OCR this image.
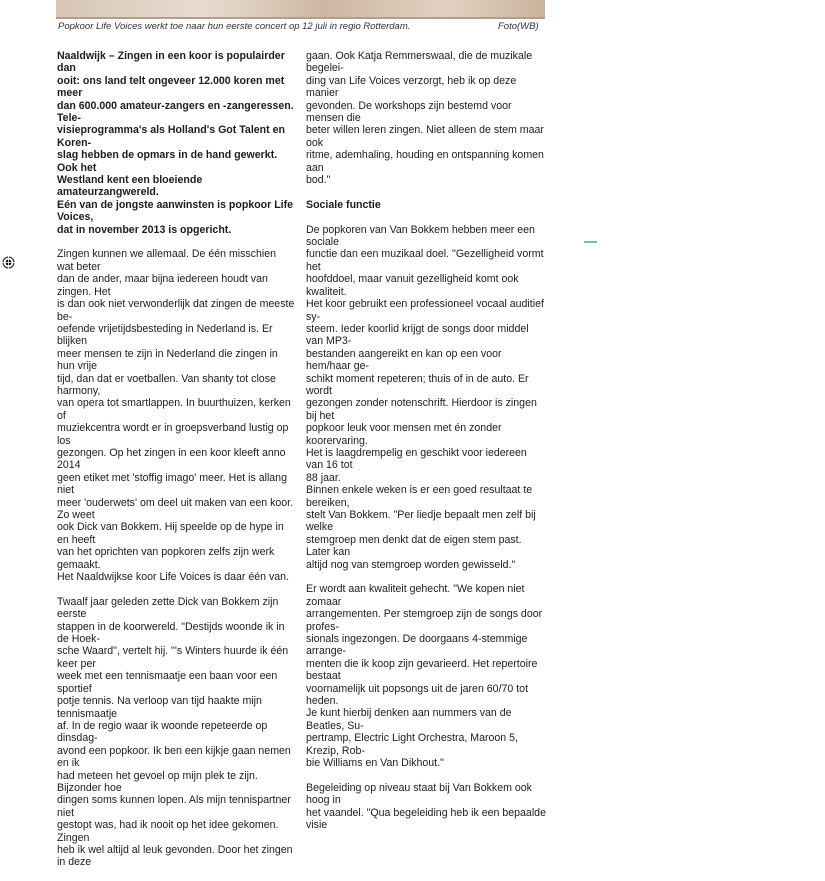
Popkoor Life Voices werkt toe naar hun eerste concert op 12 juli in regio Rotterdam.	Foto(WB)

Naaldwijk – Zingen in een koor is populairder dan
ooit: ons land telt ongeveer 12.000 koren met meer
dan 600.000 amateur-zangers en -zangeressen. Tele-
visieprogramma's als Holland's Got Talent en Koren-
slag hebben de opmars in de hand gewerkt. Ook het
Westland kent een bloeiende amateurzangwereld.
Eén van de jongste aanwinsten is popkoor Life Voices,
dat in november 2013 is opgericht.

Zingen kunnen we allemaal. De één misschien wat beter
dan de ander, maar bijna iedereen houdt van zingen. Het
is dan ook niet verwonderlijk dat zingen de meeste be-
oefende vrijetijdsbesteding in Nederland is. Er blijken
meer mensen te zijn in Nederland die zingen in hun vrije
tijd, dan dat er voetballen. Van shanty tot close harmony,
van opera tot smartlappen. In buurthuizen, kerken of
muziekcentra wordt er in groepsverband lustig op los
gezongen. Op het zingen in een koor kleeft anno 2014
geen etiket met 'stoffig imago' meer. Het is allang niet
meer 'ouderwets' om deel uit maken van een koor. Zo weet
ook Dick van Bokkem. Hij speelde op de hype in en heeft
van het oprichten van popkoren zelfs zijn werk gemaakt.
Het Naaldwijkse koor Life Voices is daar één van.

Twaalf jaar geleden zette Dick van Bokkem zijn eerste
stappen in de koorwereld. "Destijds woonde ik in de Hoek-
sche Waard", vertelt hij. "'s Winters huurde ik één keer per
week met een tennismaatje een baan voor een sportief
potje tennis. Na verloop van tijd haakte mijn tennismaatje
af. In de regio waar ik woonde repeteerde op dinsdag-
avond een popkoor. Ik ben een kijkje gaan nemen en ik
had meteen het gevoel op mijn plek te zijn. Bijzonder hoe
dingen soms kunnen lopen. Als mijn tennispartner niet
gestopt was, had ik nooit op het idee gekomen. Zingen
heb ik wel altijd al leuk gevonden. Door het zingen in deze

gaan. Ook Katja Remmerswaal, die de muzikale begelei-
ding van Life Voices verzorgt, heb ik op deze manier
gevonden. De workshops zijn bestemd voor mensen die
beter willen leren zingen. Niet alleen de stem maar ook
ritme, ademhaling, houding en ontspanning komen aan
bod."

Sociale functie

De popkoren van Van Bokkem hebben meer een sociale
functie dan een muzikaal doel. "Gezelligheid vormt het
hoofddoel, maar vanuit gezelligheid komt ook kwaliteit.
Het koor gebruikt een professioneel vocaal auditief sy-
steem. Ieder koorlid krijgt de songs door middel van MP3-
bestanden aangereikt en kan op een voor hem/haar ge-
schikt moment repeteren; thuis of in de auto. Er wordt
gezongen zonder notenschrift. Hierdoor is zingen bij het
popkoor leuk voor mensen met én zonder koorervaring.
Het is laagdrempelig en geschikt voor iedereen van 16 tot
88 jaar.
Binnen enkele weken is er een goed resultaat te bereiken,
stelt Van Bokkem. "Per liedje bepaalt men zelf bij welke
stemgroep men denkt dat de eigen stem past. Later kan
altijd nog van stemgroep worden gewisseld."

Er wordt aan kwaliteit gehecht. "We kopen niet zomaar
arrangementen. Per stemgroep zijn de songs door profes-
sionals ingezongen. De doorgaans 4-stemmige arrange-
menten die ik koop zijn gevarieerd. Het repertoire bestaat
voornamelijk uit popsongs uit de jaren 60/70 tot heden.
Je kunt hierbij denken aan nummers van de Beatles, Su-
pertramp, Electric Light Orchestra, Maroon 5, Krezip, Rob-
bie Williams en Van Dikhout."

Begeleiding op niveau staat bij Van Bokkem ook hoog in
het vaandel. "Qua begeleiding heb ik een bepaalde visie
